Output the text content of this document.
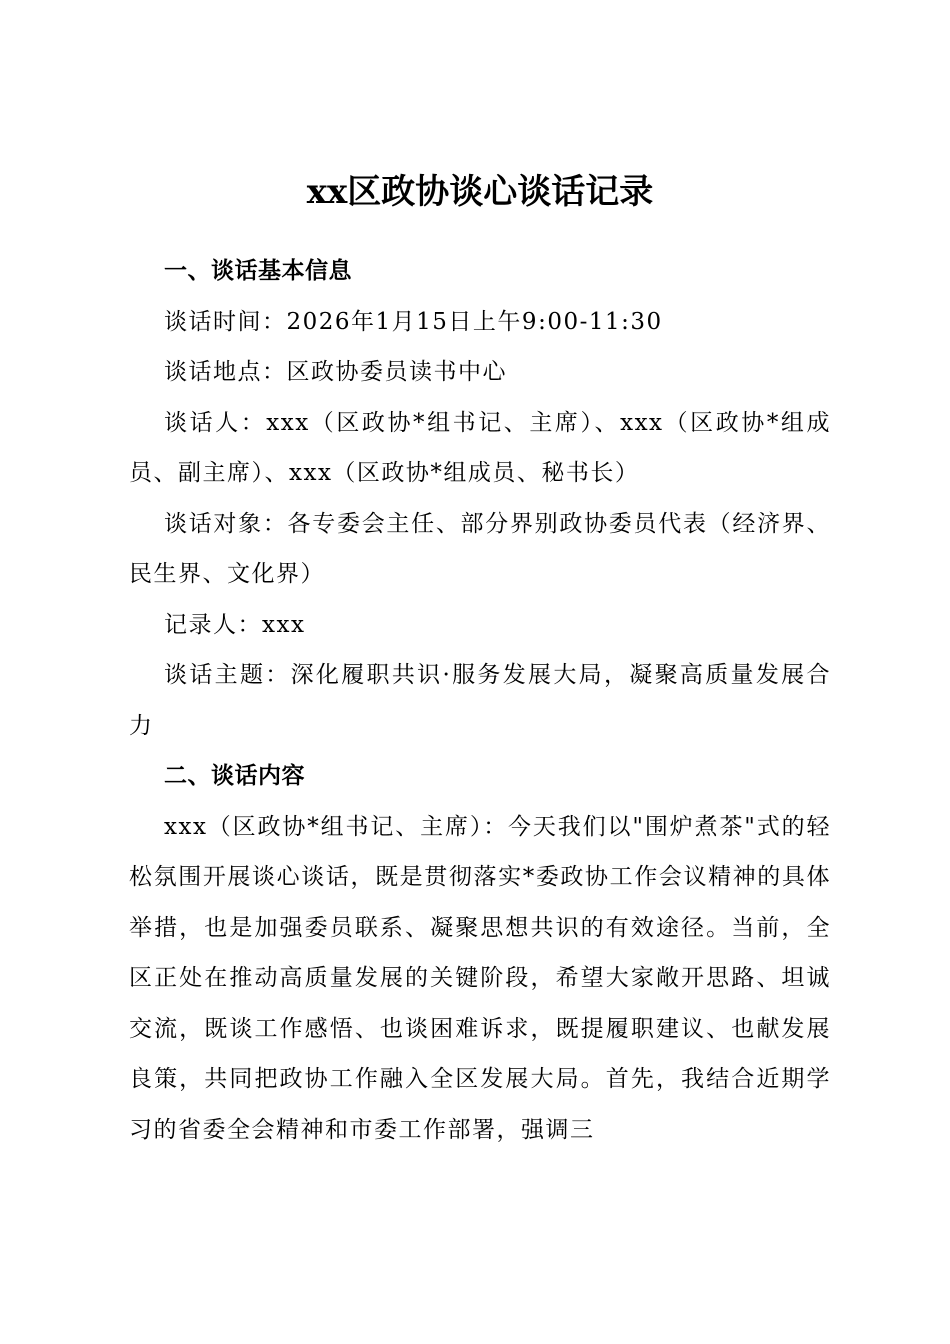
xx区政协谈心谈话记录

一、谈话基本信息

谈话时间：2026年1月15日上午9:00-11:30

谈话地点：区政协委员读书中心

谈话人：xxx（区政协*组书记、主席）、xxx（区政协*组成员、副主席）、xxx（区政协*组成员、秘书长）

谈话对象：各专委会主任、部分界别政协委员代表（经济界、民生界、文化界）

记录人：xxx

谈话主题：深化履职共识·服务发展大局，凝聚高质量发展合力

二、谈话内容

xxx（区政协*组书记、主席）：今天我们以"围炉煮茶"式的轻松氛围开展谈心谈话，既是贯彻落实*委政协工作会议精神的具体举措，也是加强委员联系、凝聚思想共识的有效途径。当前，全区正处在推动高质量发展的关键阶段，希望大家敞开思路、坦诚交流，既谈工作感悟、也谈困难诉求，既提履职建议、也献发展良策，共同把政协工作融入全区发展大局。首先，我结合近期学习的省委全会精神和市委工作部署，强调三
